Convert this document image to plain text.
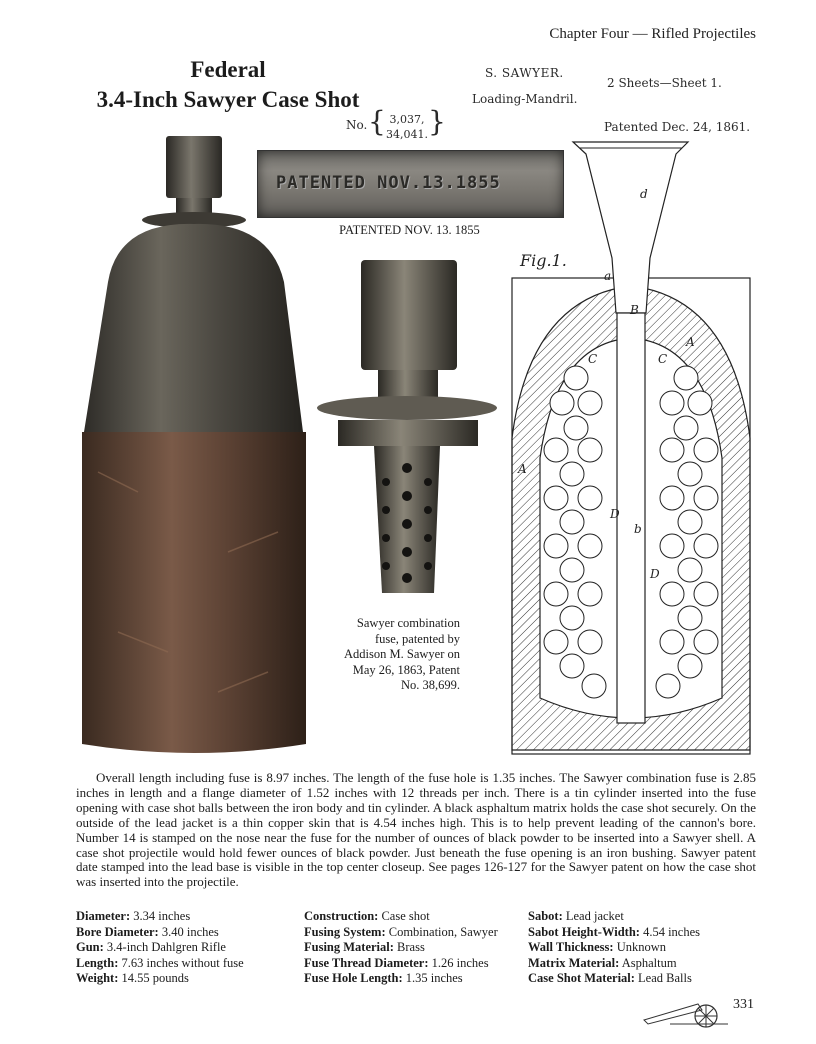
Chapter Four — Rifled Projectiles
Federal
3.4-Inch Sawyer Case Shot
S. SAWYER.
Loading-Mandril.
2 Sheets—Sheet 1.
No. { 3,037,
34,041. }	Patented Dec. 24, 1861.
PATENTED NOV.13.1855
PATENTED NOV. 13. 1855
Sawyer combination fuse, patented by Addison M. Sawyer on May 26, 1863, Patent No. 38,699.
Fig.1.
a
B
C	C
A
A
D
b
D
d
Overall length including fuse is 8.97 inches. The length of the fuse hole is 1.35 inches. The Sawyer combination fuse is 2.85 inches in length and a flange diameter of 1.52 inches with 12 threads per inch. There is a tin cylinder inserted into the fuse opening with case shot balls between the iron body and tin cylinder. A black asphaltum matrix holds the case shot securely. On the outside of the lead jacket is a thin copper skin that is 4.54 inches high. This is to help prevent leading of the cannon's bore. Number 14 is stamped on the nose near the fuse for the number of ounces of black powder to be inserted into a Sawyer shell. A case shot projectile would hold fewer ounces of black powder. Just beneath the fuse opening is an iron bushing. Sawyer patent date stamped into the lead base is visible in the top center closeup. See pages 126-127 for the Sawyer patent on how the case shot was inserted into the projectile.
Diameter: 3.34 inches
Bore Diameter: 3.40 inches
Gun: 3.4-inch Dahlgren Rifle
Length: 7.63 inches without fuse
Weight: 14.55 pounds
Construction: Case shot
Fusing System: Combination, Sawyer
Fusing Material: Brass
Fuse Thread Diameter: 1.26 inches
Fuse Hole Length: 1.35 inches
Sabot: Lead jacket
Sabot Height-Width: 4.54 inches
Wall Thickness: Unknown
Matrix Material: Asphaltum
Case Shot Material: Lead Balls
331
